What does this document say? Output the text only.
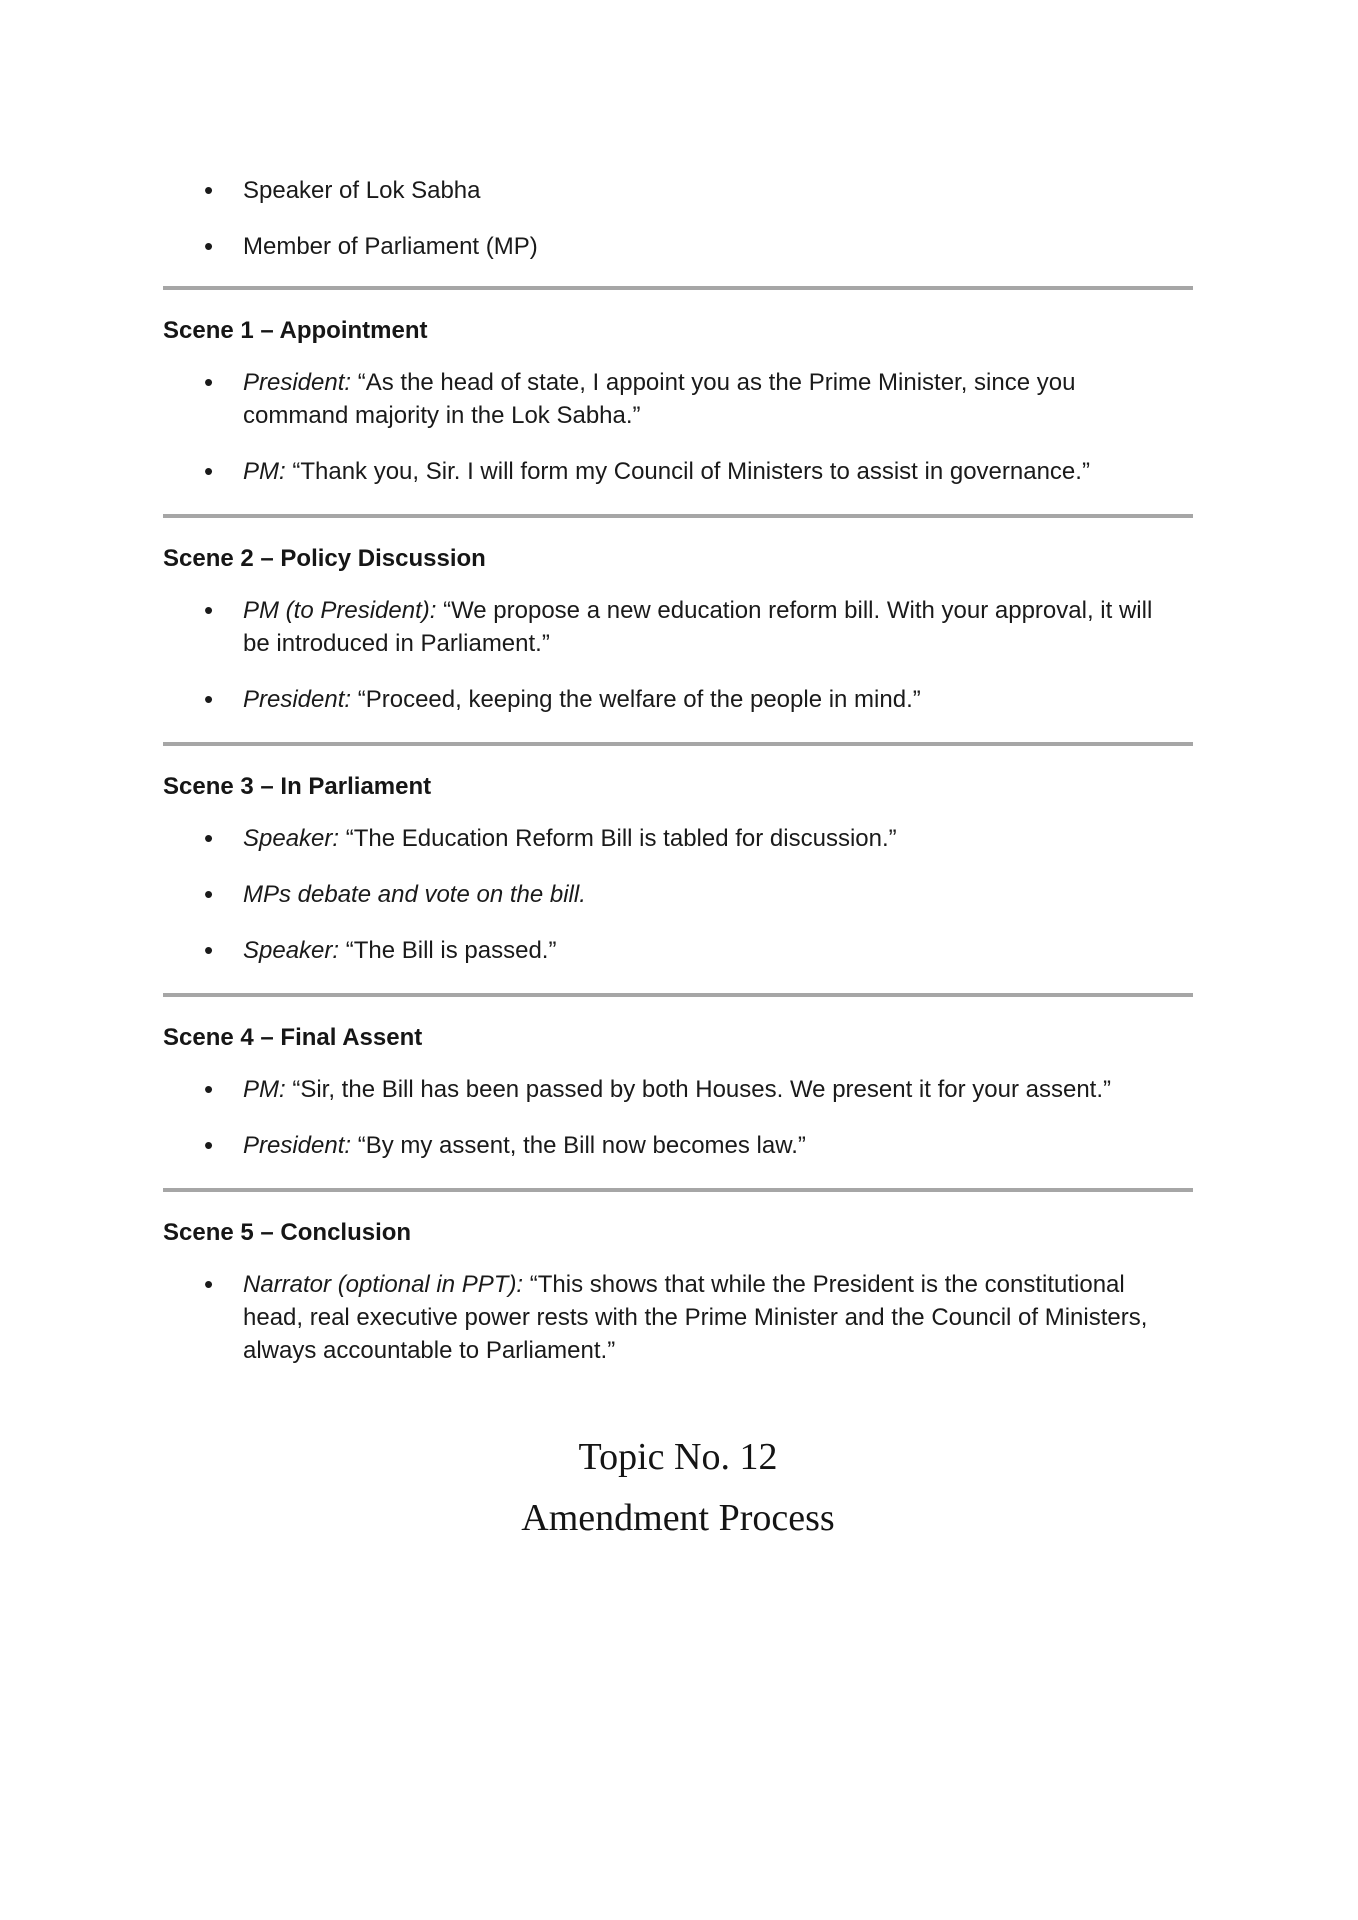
• Speaker of Lok Sabha
• Member of Parliament (MP)
Scene 1 – Appointment
• President: “As the head of state, I appoint you as the Prime Minister, since you command majority in the Lok Sabha.”
• PM: “Thank you, Sir. I will form my Council of Ministers to assist in governance.”
Scene 2 – Policy Discussion
• PM (to President): “We propose a new education reform bill. With your approval, it will be introduced in Parliament.”
• President: “Proceed, keeping the welfare of the people in mind.”
Scene 3 – In Parliament
• Speaker: “The Education Reform Bill is tabled for discussion.”
• MPs debate and vote on the bill.
• Speaker: “The Bill is passed.”
Scene 4 – Final Assent
• PM: “Sir, the Bill has been passed by both Houses. We present it for your assent.”
• President: “By my assent, the Bill now becomes law.”
Scene 5 – Conclusion
• Narrator (optional in PPT): “This shows that while the President is the constitutional head, real executive power rests with the Prime Minister and the Council of Ministers, always accountable to Parliament.”

Topic No. 12

Amendment Process
